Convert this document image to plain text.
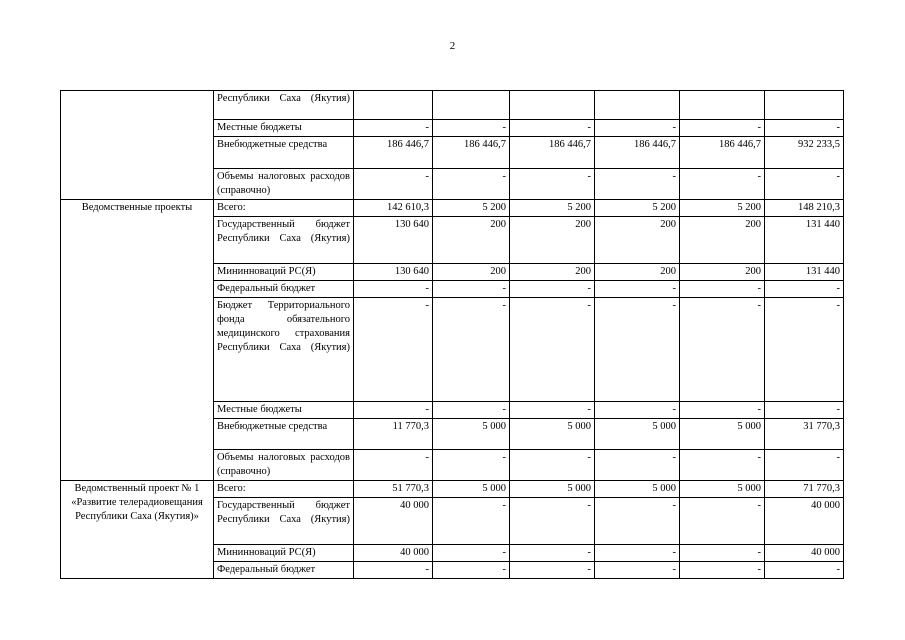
2
	Республики Саха (Якутия)						
	Местные бюджеты	-	-	-	-	-	-
	Внебюджетные средства	186 446,7	186 446,7	186 446,7	186 446,7	186 446,7	932 233,5
	Объемы налоговых расходов (справочно)	-	-	-	-	-	-
Ведомственные проекты	Всего:	142 610,3	5 200	5 200	5 200	5 200	148 210,3
	Государственный бюджет Республики Саха (Якутия)	130 640	200	200	200	200	131 440
	Мининноваций РС(Я)	130 640	200	200	200	200	131 440
	Федеральный бюджет	-	-	-	-	-	-
	Бюджет Территориального фонда обязательного медицинского страхования Республики Саха (Якутия)	-	-	-	-	-	-
	Местные бюджеты	-	-	-	-	-	-
	Внебюджетные средства	11 770,3	5 000	5 000	5 000	5 000	31 770,3
	Объемы налоговых расходов (справочно)	-	-	-	-	-	-
Ведомственный проект № 1 «Развитие телерадиовещания Республики Саха (Якутия)»	Всего:	51 770,3	5 000	5 000	5 000	5 000	71 770,3
	Государственный бюджет Республики Саха (Якутия)	40 000	-	-	-	-	40 000
	Мининноваций РС(Я)	40 000	-	-	-	-	40 000
	Федеральный бюджет	-	-	-	-	-	-
